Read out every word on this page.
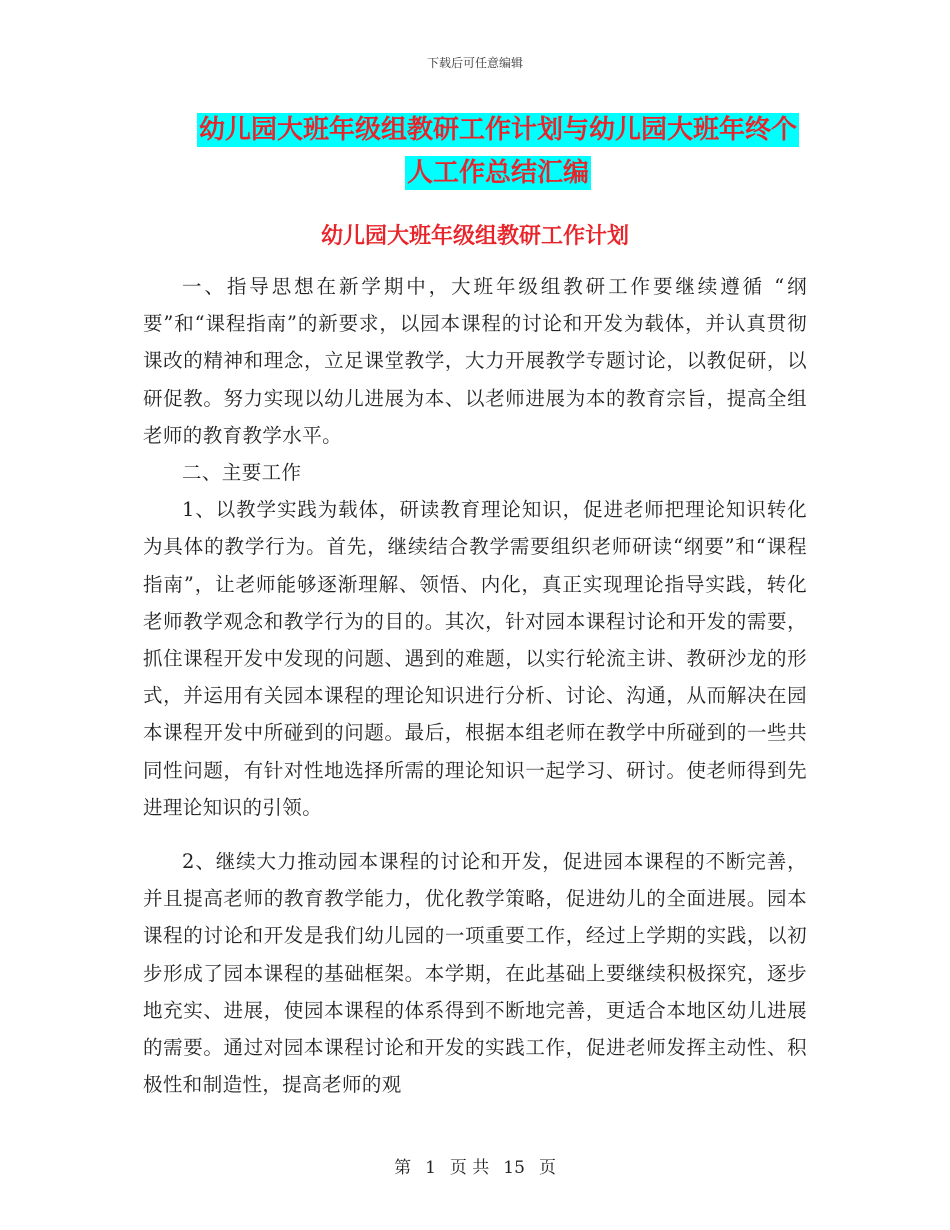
下载后可任意编辑
幼儿园大班年级组教研工作计划与幼儿园大班年终个
人工作总结汇编
幼儿园大班年级组教研工作计划

一、指导思想在新学期中，大班年级组教研工作要继续遵循 “纲要”和“课程指南”的新要求，以园本课程的讨论和开发为载体，并认真贯彻课改的精神和理念，立足课堂教学，大力开展教学专题讨论，以教促研，以研促教。努力实现以幼儿进展为本、以老师进展为本的教育宗旨，提高全组老师的教育教学水平。

二、主要工作

1、以教学实践为载体，研读教育理论知识，促进老师把理论知识转化为具体的教学行为。首先，继续结合教学需要组织老师研读“纲要”和“课程指南”，让老师能够逐渐理解、领悟、内化，真正实现理论指导实践，转化老师教学观念和教学行为的目的。其次，针对园本课程讨论和开发的需要，抓住课程开发中发现的问题、遇到的难题，以实行轮流主讲、教研沙龙的形式，并运用有关园本课程的理论知识进行分析、讨论、沟通，从而解决在园本课程开发中所碰到的问题。最后，根据本组老师在教学中所碰到的一些共同性问题，有针对性地选择所需的理论知识一起学习、研讨。使老师得到先进理论知识的引领。

2、继续大力推动园本课程的讨论和开发，促进园本课程的不断完善，并且提高老师的教育教学能力，优化教学策略，促进幼儿的全面进展。园本课程的讨论和开发是我们幼儿园的一项重要工作，经过上学期的实践，以初步形成了园本课程的基础框架。本学期，在此基础上要继续积极探究，逐步地充实、进展，使园本课程的体系得到不断地完善，更适合本地区幼儿进展的需要。通过对园本课程讨论和开发的实践工作，促进老师发挥主动性、积极性和制造性，提高老师的观

第 1 页 共 15 页
